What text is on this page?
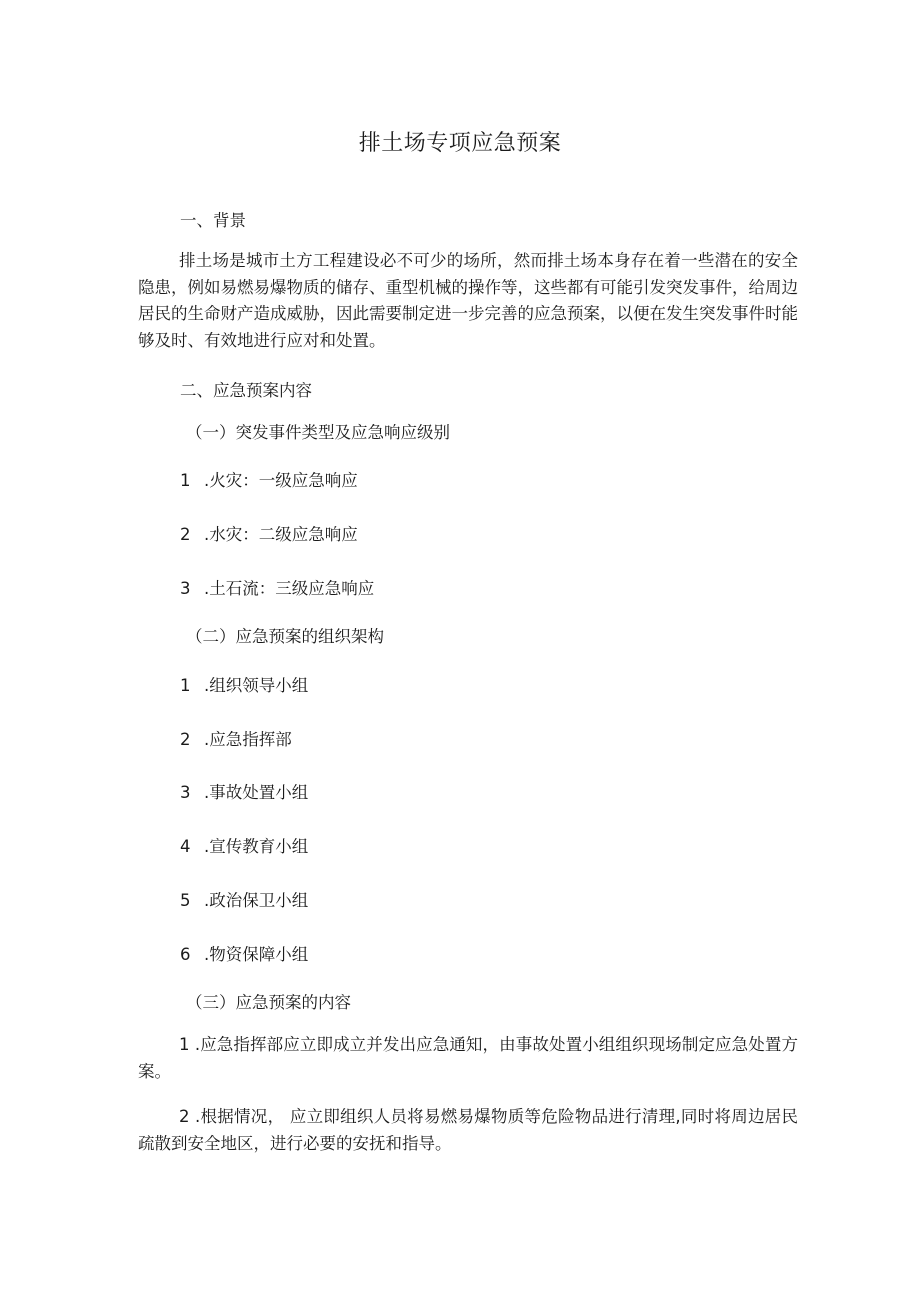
排土场专项应急预案
一、背景
排土场是城市土方工程建设必不可少的场所，然而排土场本身存在着一些潜在的安全隐患，例如易燃易爆物质的储存、重型机械的操作等，这些都有可能引发突发事件，给周边居民的生命财产造成威胁，因此需要制定进一步完善的应急预案，以便在发生突发事件时能够及时、有效地进行应对和处置。
二、应急预案内容
（一）突发事件类型及应急响应级别
1 .火灾：一级应急响应
2 .水灾：二级应急响应
3 .土石流：三级应急响应
（二）应急预案的组织架构
1 .组织领导小组
2 .应急指挥部
3 .事故处置小组
4 .宣传教育小组
5 .政治保卫小组
6 .物资保障小组
（三）应急预案的内容
1 .应急指挥部应立即成立并发出应急通知，由事故处置小组组织现场制定应急处置方案。
2 .根据情况， 应立即组织人员将易燃易爆物质等危险物品进行清理,同时将周边居民疏散到安全地区，进行必要的安抚和指导。
